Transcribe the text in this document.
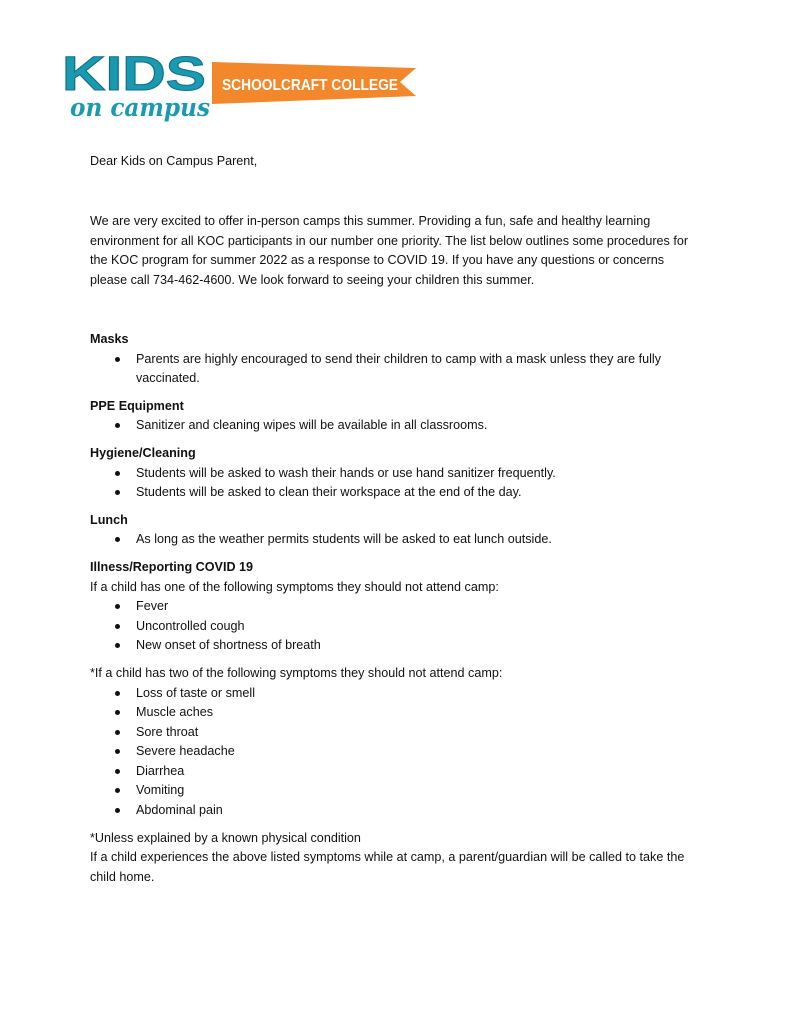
SCHOOLCRAFT COLLEGE
KIDS
on campus

Dear Kids on Campus Parent,

We are very excited to offer in-person camps this summer. Providing a fun, safe and healthy learning environment for all KOC participants in our number one priority. The list below outlines some procedures for the KOC program for summer 2022 as a response to COVID 19. If you have any questions or concerns please call 734-462-4600. We look forward to seeing your children this summer.

Masks

Parents are highly encouraged to send their children to camp with a mask unless they are fully vaccinated.

PPE Equipment

Sanitizer and cleaning wipes will be available in all classrooms.

Hygiene/Cleaning

Students will be asked to wash their hands or use hand sanitizer frequently.
Students will be asked to clean their workspace at the end of the day.

Lunch

As long as the weather permits students will be asked to eat lunch outside.

Illness/Reporting COVID 19

If a child has one of the following symptoms they should not attend camp:

Fever
Uncontrolled cough
New onset of shortness of breath

*If a child has two of the following symptoms they should not attend camp:

Loss of taste or smell
Muscle aches
Sore throat
Severe headache
Diarrhea
Vomiting
Abdominal pain

*Unless explained by a known physical condition

If a child experiences the above listed symptoms while at camp, a parent/guardian will be called to take the child home.
